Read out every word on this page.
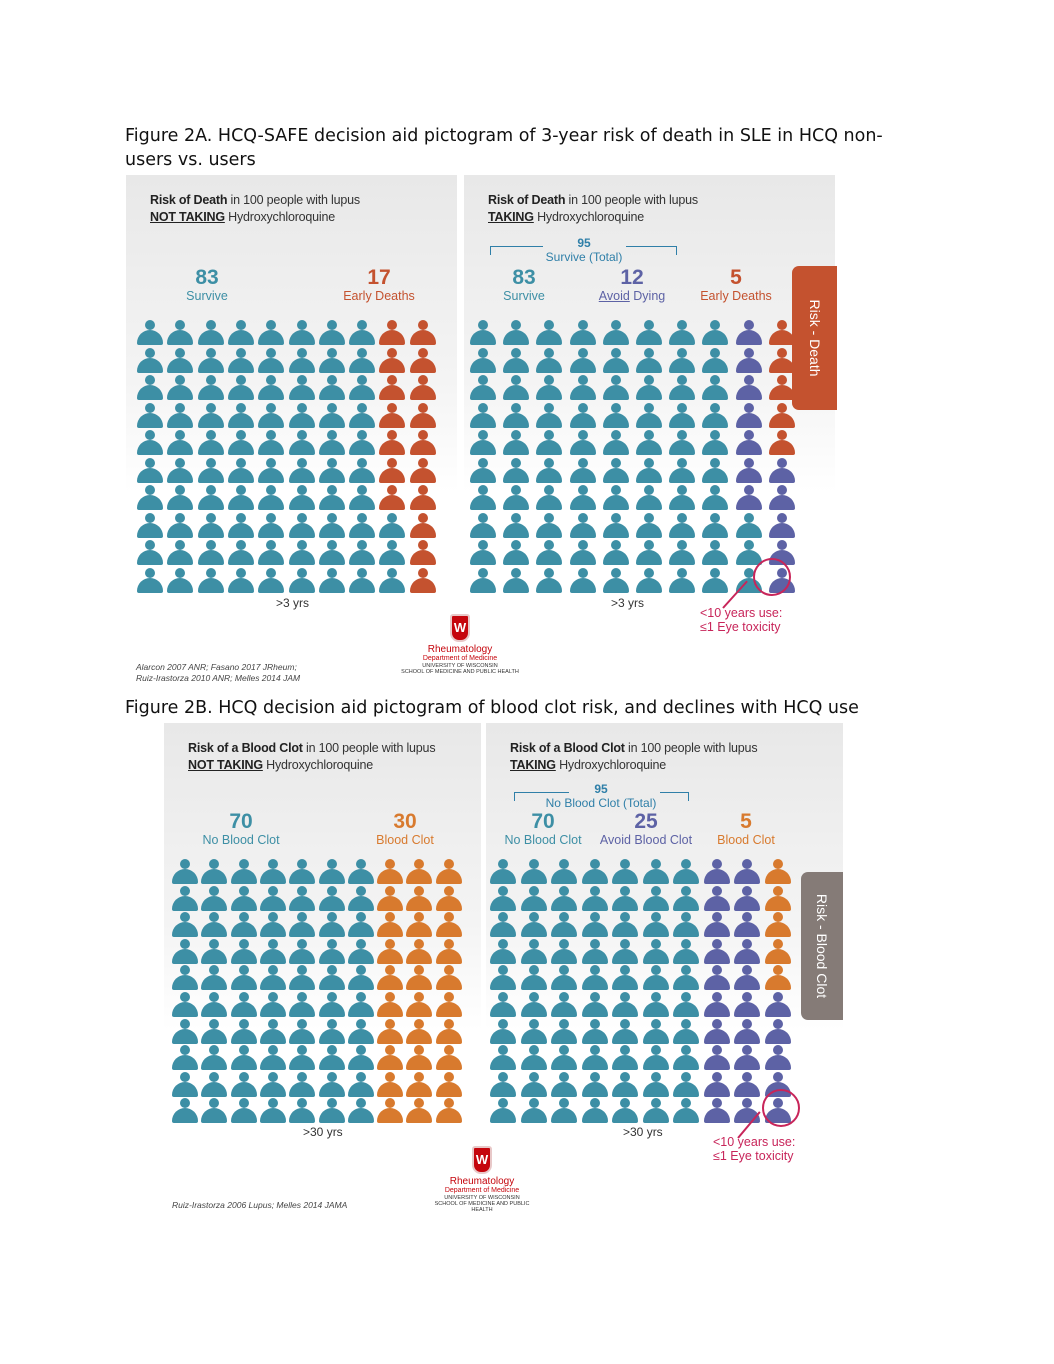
Figure 2A. HCQ-SAFE decision aid pictogram of 3-year risk of death in SLE in HCQ non-users vs. users
Risk of Death in 100 people with lupus
NOT TAKING Hydroxychloroquine
83
Survive
17
Early Deaths
>3 yrs
Alarcon 2007 ANR; Fasano 2017 JRheum;
Ruiz-Irastorza 2010 ANR; Melles 2014 JAM
Risk of Death in 100 people with lupus
TAKING Hydroxychloroquine
95
Survive (Total)
83
Survive
12
Avoid Dying
5
Early Deaths
>3 yrs
<10 years use:
≤1 Eye toxicity
Risk - Death
W
Rheumatology
Department of Medicine
UNIVERSITY OF WISCONSIN
SCHOOL OF MEDICINE AND PUBLIC HEALTH
Figure 2B. HCQ decision aid pictogram of blood clot risk, and declines with HCQ use
Risk of a Blood Clot in 100 people with lupus
NOT TAKING Hydroxychloroquine
70
No Blood Clot
30
Blood Clot
>30 yrs
Ruiz-Irastorza 2006 Lupus; Melles 2014 JAMA
Risk of a Blood Clot in 100 people with lupus
TAKING Hydroxychloroquine
95
No Blood Clot (Total)
70
No Blood Clot
25
Avoid Blood Clot
5
Blood Clot
>30 yrs
<10 years use:
≤1 Eye toxicity
Risk - Blood Clot
W
Rheumatology
Department of Medicine
UNIVERSITY OF WISCONSIN
SCHOOL OF MEDICINE AND PUBLIC HEALTH
